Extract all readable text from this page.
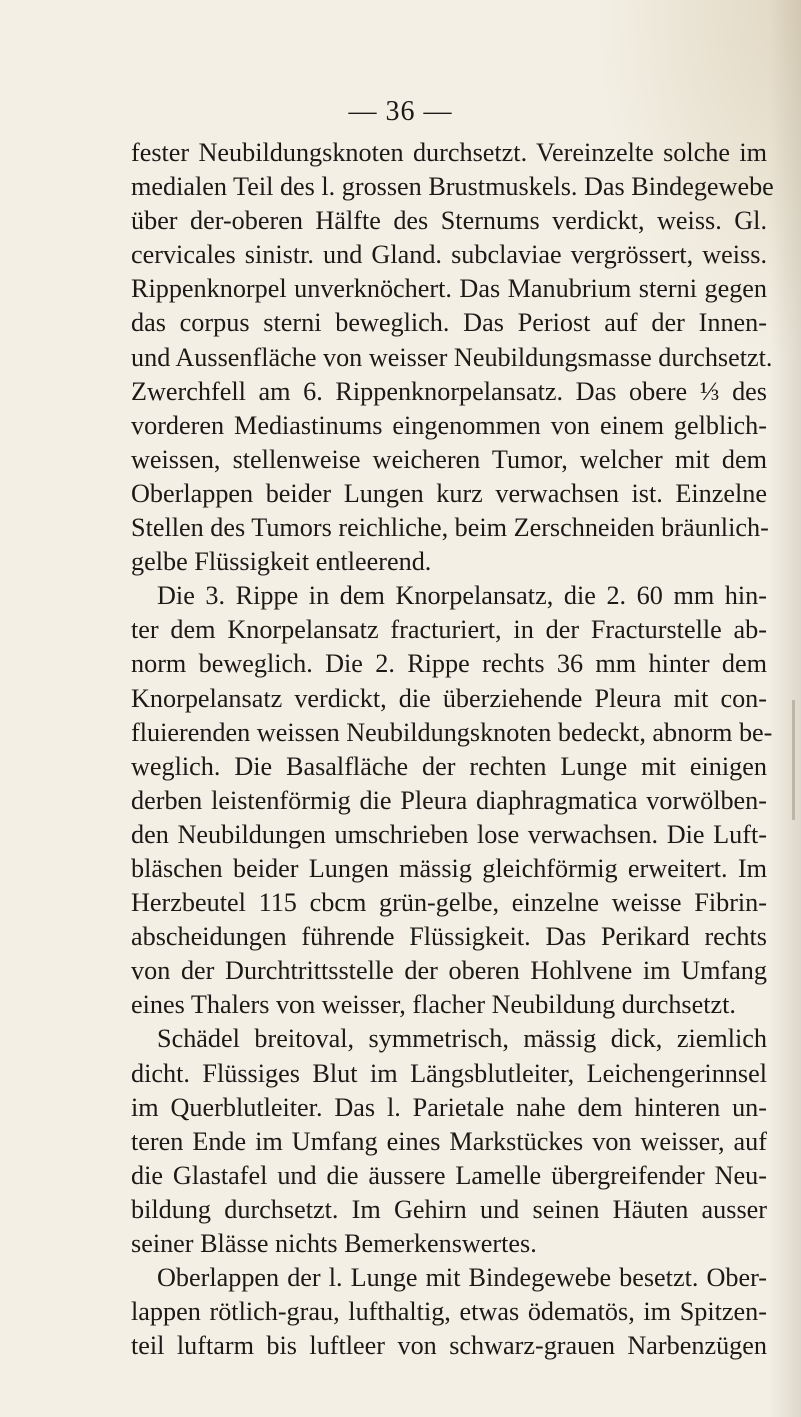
— 36 —
fester Neubildungsknoten durchsetzt. Vereinzelte solche im
medialen Teil des l. grossen Brustmuskels. Das Bindegewebe
über der-oberen Hälfte des Sternums verdickt, weiss. Gl.
cervicales sinistr. und Gland. subclaviae vergrössert, weiss.
Rippenknorpel unverknöchert. Das Manubrium sterni gegen
das corpus sterni beweglich. Das Periost auf der Innen-
und Aussenfläche von weisser Neubildungsmasse durchsetzt.
Zwerchfell am 6. Rippenknorpelansatz. Das obere ⅓ des
vorderen Mediastinums eingenommen von einem gelblich-
weissen, stellenweise weicheren Tumor, welcher mit dem
Oberlappen beider Lungen kurz verwachsen ist. Einzelne
Stellen des Tumors reichliche, beim Zerschneiden bräunlich-
gelbe Flüssigkeit entleerend.
Die 3. Rippe in dem Knorpelansatz, die 2. 60 mm hin-
ter dem Knorpelansatz fracturiert, in der Fracturstelle ab-
norm beweglich. Die 2. Rippe rechts 36 mm hinter dem
Knorpelansatz verdickt, die überziehende Pleura mit con-
fluierenden weissen Neubildungsknoten bedeckt, abnorm be-
weglich. Die Basalfläche der rechten Lunge mit einigen
derben leistenförmig die Pleura diaphragmatica vorwölben-
den Neubildungen umschrieben lose verwachsen. Die Luft-
bläschen beider Lungen mässig gleichförmig erweitert. Im
Herzbeutel 115 cbcm grün-gelbe, einzelne weisse Fibrin-
abscheidungen führende Flüssigkeit. Das Perikard rechts
von der Durchtrittsstelle der oberen Hohlvene im Umfang
eines Thalers von weisser, flacher Neubildung durchsetzt.
Schädel breitoval, symmetrisch, mässig dick, ziemlich
dicht. Flüssiges Blut im Längsblutleiter, Leichengerinnsel
im Querblutleiter. Das l. Parietale nahe dem hinteren un-
teren Ende im Umfang eines Markstückes von weisser, auf
die Glastafel und die äussere Lamelle übergreifender Neu-
bildung durchsetzt. Im Gehirn und seinen Häuten ausser
seiner Blässe nichts Bemerkenswertes.
Oberlappen der l. Lunge mit Bindegewebe besetzt. Ober-
lappen rötlich-grau, lufthaltig, etwas ödematös, im Spitzen-
teil luftarm bis luftleer von schwarz-grauen Narbenzügen
